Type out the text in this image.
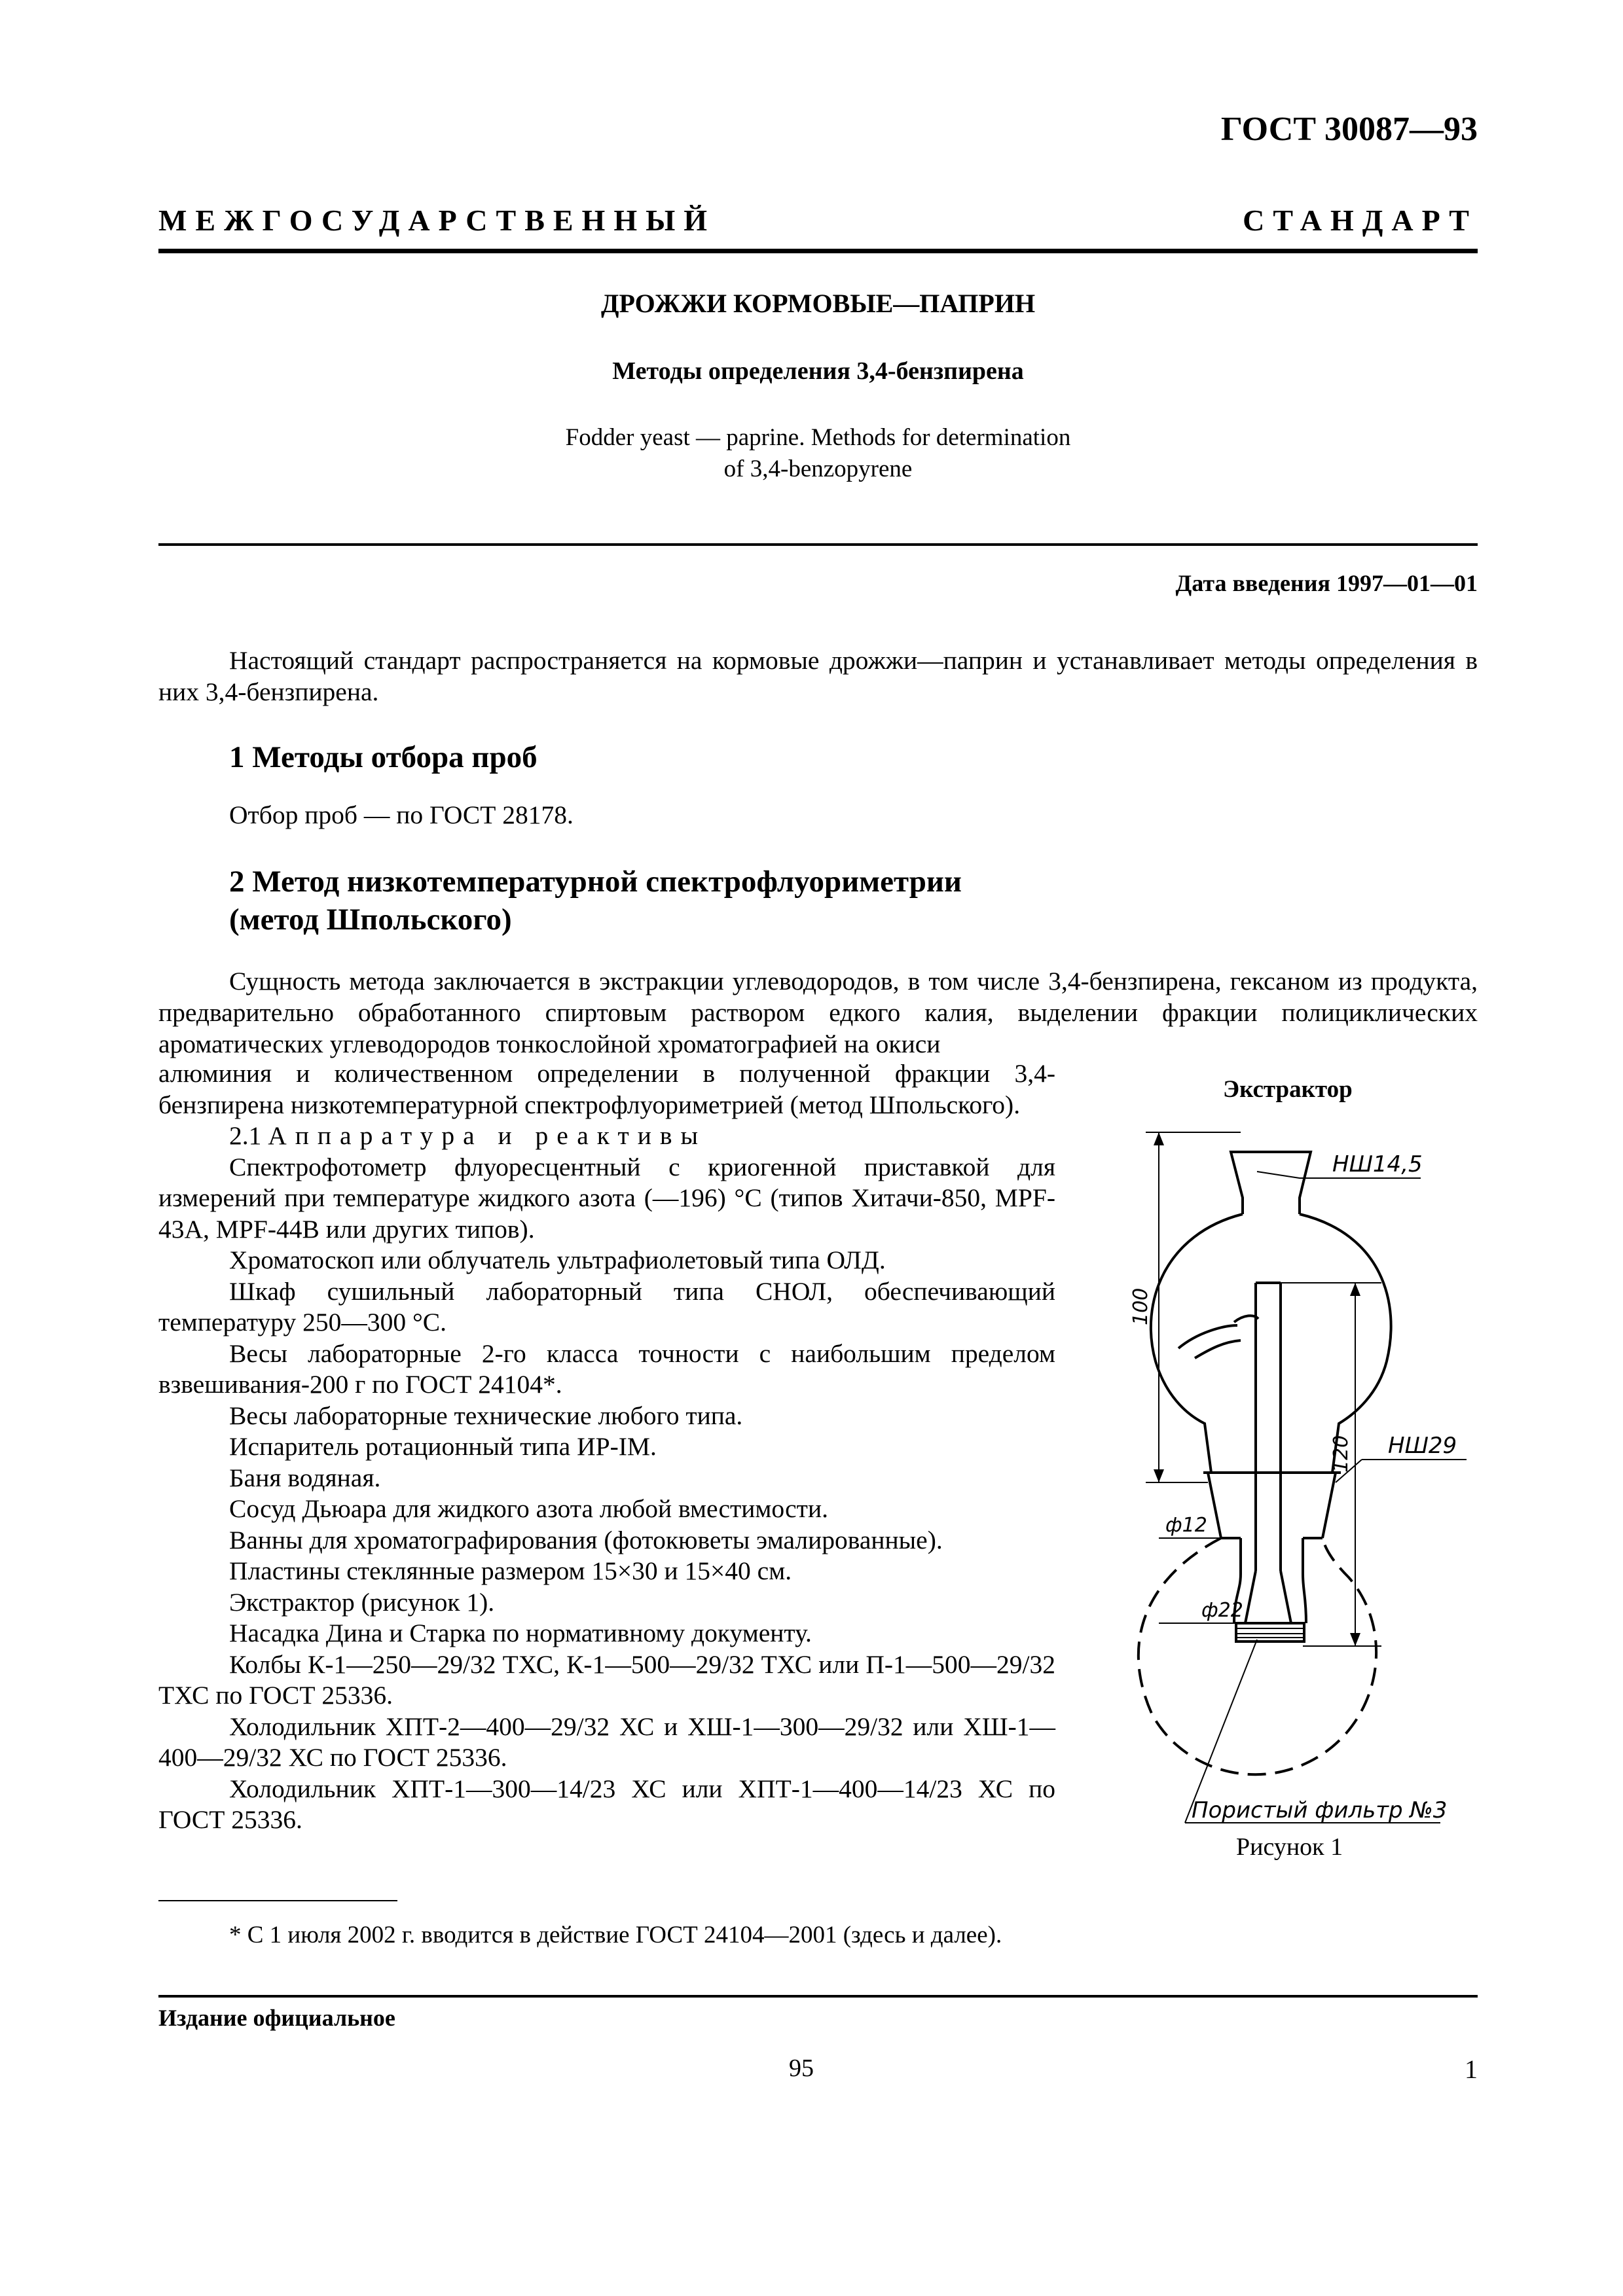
ГОСТ 30087—93
МЕЖГОСУДАРСТВЕННЫЙ	СТАНДАРТ
ДРОЖЖИ КОРМОВЫЕ—ПАПРИН
Методы определения 3,4-бензпирена
Fodder yeast — paprine. Methods for determination
of 3,4-benzopyrene
Дата введения 1997—01—01

Настоящий стандарт распространяется на кормовые дрожжи—паприн и устанавливает методы определения в них 3,4-бензпирена.

1 Методы отбора проб
Отбор проб — по ГОСТ 28178.
2 Метод низкотемпературной спектрофлуориметрии
(метод Шпольского)

Сущность метода заключается в экстракции углеводородов, в том числе 3,4-бензпирена, гексаном из продукта, предварительно обработанного спиртовым раствором едкого калия, выделении фракции полициклических ароматических углеводородов тонкослойной хроматографией на окиси

алюминия и количественном определении в полученной фракции 3,4-бензпирена низкотемпературной спектрофлуориметрией (метод Шпольского).

2.1 Аппаратура и реактивы

Спектрофотометр флуоресцентный с криогенной приставкой для измерений при температуре жидкого азота (—196) °С (типов Хитачи-850, MPF-43A, MPF-44B или других типов).

Хроматоскоп или облучатель ультрафиолетовый типа ОЛД.

Шкаф сушильный лабораторный типа СНОЛ, обеспечивающий температуру 250—300 °С.

Весы лабораторные 2-го класса точности с наибольшим пределом взвешивания-200 г по ГОСТ 24104*.

Весы лабораторные технические любого типа.

Испаритель ротационный типа ИР-IM.

Баня водяная.

Сосуд Дьюара для жидкого азота любой вместимости.

Ванны для хроматографирования (фотокюветы эмалированные).

Пластины стеклянные размером 15×30 и 15×40 см.

Экстрактор (рисунок 1).

Насадка Дина и Старка по нормативному документу.

Колбы К-1—250—29/32 ТХС, К-1—500—29/32 ТХС или П-1—500—29/32 ТХС по ГОСТ 25336.

Холодильник ХПТ-2—400—29/32 ХС и ХШ-1—300—29/32 или ХШ-1—400—29/32 ХС по ГОСТ 25336.

Холодильник ХПТ-1—300—14/23 ХС или ХПТ-1—400—14/23 ХС по ГОСТ 25336.

Экстрактор
НШ14,5
НШ29
100
120
ф12
ф22
Пористый фильтр №3
Рисунок 1
* С 1 июля 2002 г. вводится в действие ГОСТ 24104—2001 (здесь и далее).
Издание официальное
95	1
